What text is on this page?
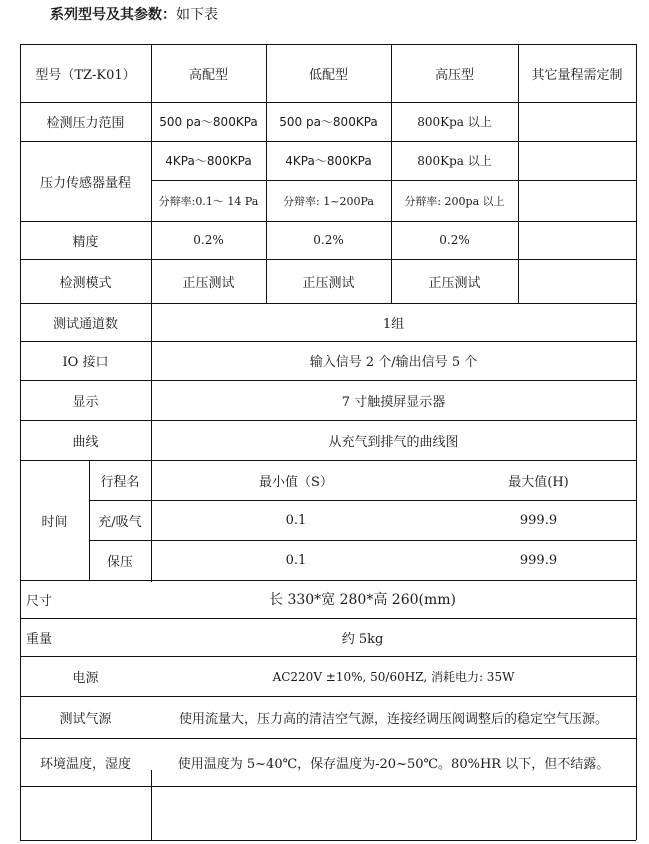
系列型号及其参数：如下表
型号（TZ-K01）	高配型	低配型	高压型	其它量程需定制
检测压力范围	500 pa～800KPa	500 pa～800KPa	800Kpa 以上
压力传感器量程
4KPa～800KPa	4KPa～800KPa	800Kpa 以上
分辩率:0.1～ 14 Pa	分辩率: 1~200Pa	分辩率: 200pa 以上
精度	0.2%	0.2%	0.2%
检测模式	正压测试	正压测试	正压测试
测试通道数	1组
IO 接口	输入信号 2 个/输出信号 5 个
显示	7 寸触摸屏显示器
曲线	从充气到排气的曲线图
时间
行程名	最小值（S）	最大值(H)
充/吸气	0.1	999.9
保压	0.1	999.9
尺寸	长 330*宽 280*高 260(mm)
重量	约 5kg
电源	AC220V ±10%, 50/60HZ, 消耗电力: 35W
测试气源	使用流量大，压力高的清洁空气源，连接经调压阀调整后的稳定空气压源。
环境温度，湿度	使用温度为 5~40℃，保存温度为-20~50℃。80%HR 以下，但不结露。
